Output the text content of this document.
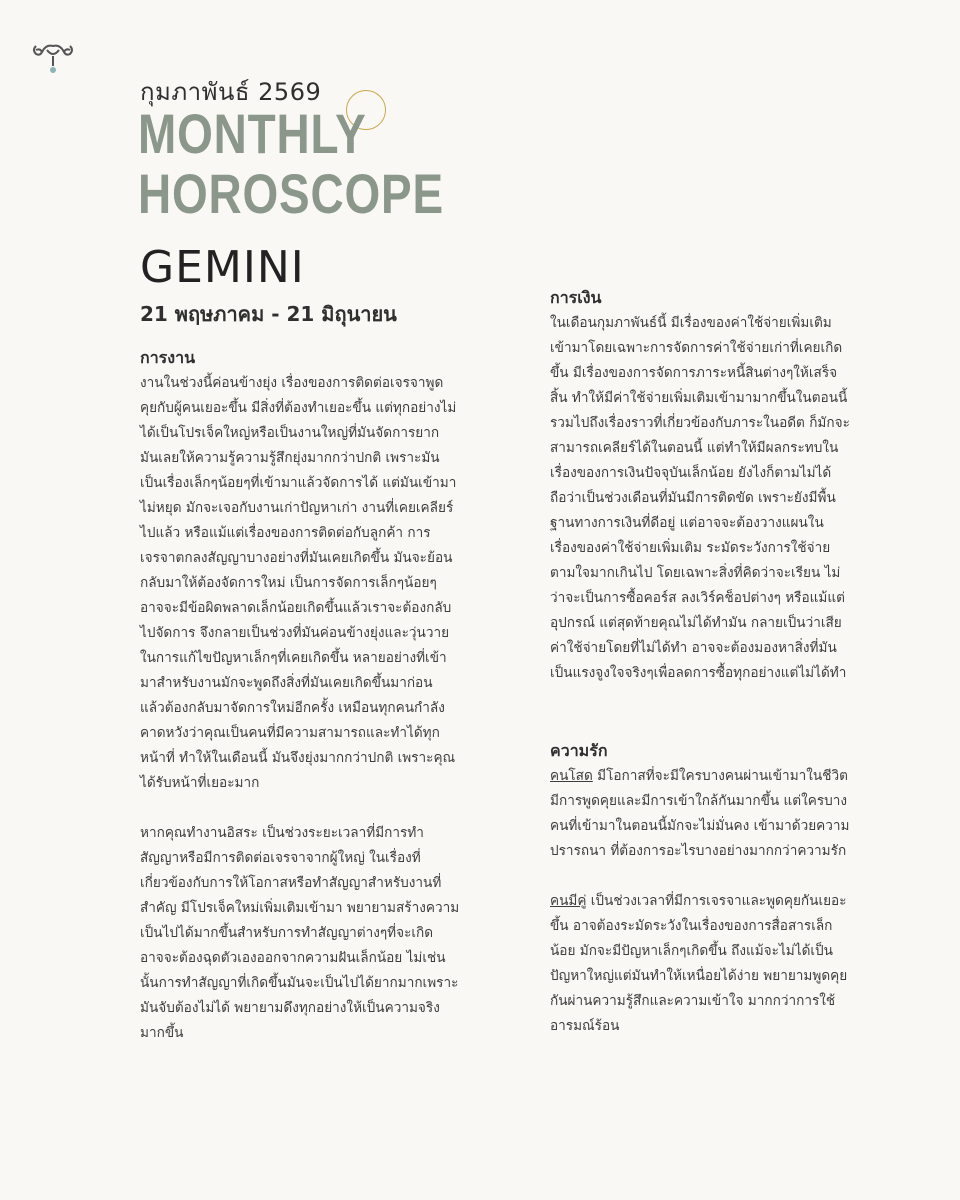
กุมภาพันธ์ 2569
MONTHLY
HOROSCOPE
GEMINI
21 พฤษภาคม - 21 มิถุนายน
การงาน

งานในช่วงนี้ค่อนข้างยุ่ง เรื่องของการติดต่อเจรจาพูดคุยกับผู้คนเยอะขึ้น มีสิ่งที่ต้องทำเยอะขึ้น แต่ทุกอย่างไม่ได้เป็นโปรเจ็คใหญ่หรือเป็นงานใหญ่ที่มันจัดการยาก มันเลยให้ความรู้ความรู้สึกยุ่งมากกว่าปกติ เพราะมันเป็นเรื่องเล็กๆน้อยๆที่เข้ามาแล้วจัดการได้ แต่มันเข้ามาไม่หยุด มักจะเจอกับงานเก่าปัญหาเก่า งานที่เคยเคลียร์ไปแล้ว หรือแม้แต่เรื่องของการติดต่อกับลูกค้า การเจรจาตกลงสัญญาบางอย่างที่มันเคยเกิดขึ้น มันจะย้อนกลับมาให้ต้องจัดการใหม่ เป็นการจัดการเล็กๆน้อยๆ อาจจะมีข้อผิดพลาดเล็กน้อยเกิดขึ้นแล้วเราจะต้องกลับไปจัดการ จึงกลายเป็นช่วงที่มันค่อนข้างยุ่งและวุ่นวายในการแก้ไขปัญหาเล็กๆที่เคยเกิดขึ้น หลายอย่างที่เข้ามาสำหรับงานมักจะพูดถึงสิ่งที่มันเคยเกิดขึ้นมาก่อน แล้วต้องกลับมาจัดการใหม่อีกครั้ง เหมือนทุกคนกำลังคาดหวังว่าคุณเป็นคนที่มีความสามารถและทำได้ทุกหน้าที่ ทำให้ในเดือนนี้ มันจึงยุ่งมากกว่าปกติ เพราะคุณได้รับหน้าที่เยอะมาก

หากคุณทำงานอิสระ เป็นช่วงระยะเวลาที่มีการทำสัญญาหรือมีการติดต่อเจรจาจากผู้ใหญ่ ในเรื่องที่เกี่ยวข้องกับการให้โอกาสหรือทำสัญญาสำหรับงานที่สำคัญ มีโปรเจ็คใหม่เพิ่มเติมเข้ามา พยายามสร้างความเป็นไปได้มากขึ้นสำหรับการทำสัญญาต่างๆที่จะเกิด อาจจะต้องฉุดตัวเองออกจากความฝันเล็กน้อย ไม่เช่นนั้นการทำสัญญาที่เกิดขึ้นมันจะเป็นไปได้ยากมากเพราะมันจับต้องไม่ได้ พยายามดึงทุกอย่างให้เป็นความจริงมากขึ้น

การเงิน

ในเดือนกุมภาพันธ์นี้ มีเรื่องของค่าใช้จ่ายเพิ่มเติมเข้ามาโดยเฉพาะการจัดการค่าใช้จ่ายเก่าที่เคยเกิดขึ้น มีเรื่องของการจัดการภาระหนี้สินต่างๆให้เสร็จสิ้น ทำให้มีค่าใช้จ่ายเพิ่มเติมเข้ามามากขึ้นในตอนนี้ รวมไปถึงเรื่องราวที่เกี่ยวข้องกับภาระในอดีต ก็มักจะสามารถเคลียร์ได้ในตอนนี้ แต่ทำให้มีผลกระทบในเรื่องของการเงินปัจจุบันเล็กน้อย ยังไงก็ตามไม่ได้ถือว่าเป็นช่วงเดือนที่มันมีการติดขัด เพราะยังมีพื้นฐานทางการเงินที่ดีอยู่ แต่อาจจะต้องวางแผนในเรื่องของค่าใช้จ่ายเพิ่มเติม ระมัดระวังการใช้จ่ายตามใจมากเกินไป โดยเฉพาะสิ่งที่คิดว่าจะเรียน ไม่ว่าจะเป็นการซื้อคอร์ส ลงเวิร์คช็อปต่างๆ หรือแม้แต่อุปกรณ์ แต่สุดท้ายคุณไม่ได้ทำมัน กลายเป็นว่าเสียค่าใช้จ่ายโดยที่ไม่ได้ทำ อาจจะต้องมองหาสิ่งที่มันเป็นแรงจูงใจจริงๆเพื่อลดการซื้อทุกอย่างแต่ไม่ได้ทำ

ความรัก

คนโสด มีโอกาสที่จะมีใครบางคนผ่านเข้ามาในชีวิต มีการพูดคุยและมีการเข้าใกล้กันมากขึ้น แต่ใครบางคนที่เข้ามาในตอนนี้มักจะไม่มั่นคง เข้ามาด้วยความปรารถนา ที่ต้องการอะไรบางอย่างมากกว่าความรัก

คนมีคู่ เป็นช่วงเวลาที่มีการเจรจาและพูดคุยกันเยอะขึ้น อาจต้องระมัดระวังในเรื่องของการสื่อสารเล็กน้อย มักจะมีปัญหาเล็กๆเกิดขึ้น ถึงแม้จะไม่ได้เป็นปัญหาใหญ่แต่มันทำให้เหนื่อยได้ง่าย พยายามพูดคุยกันผ่านความรู้สึกและความเข้าใจ มากกว่าการใช้อารมณ์ร้อน
